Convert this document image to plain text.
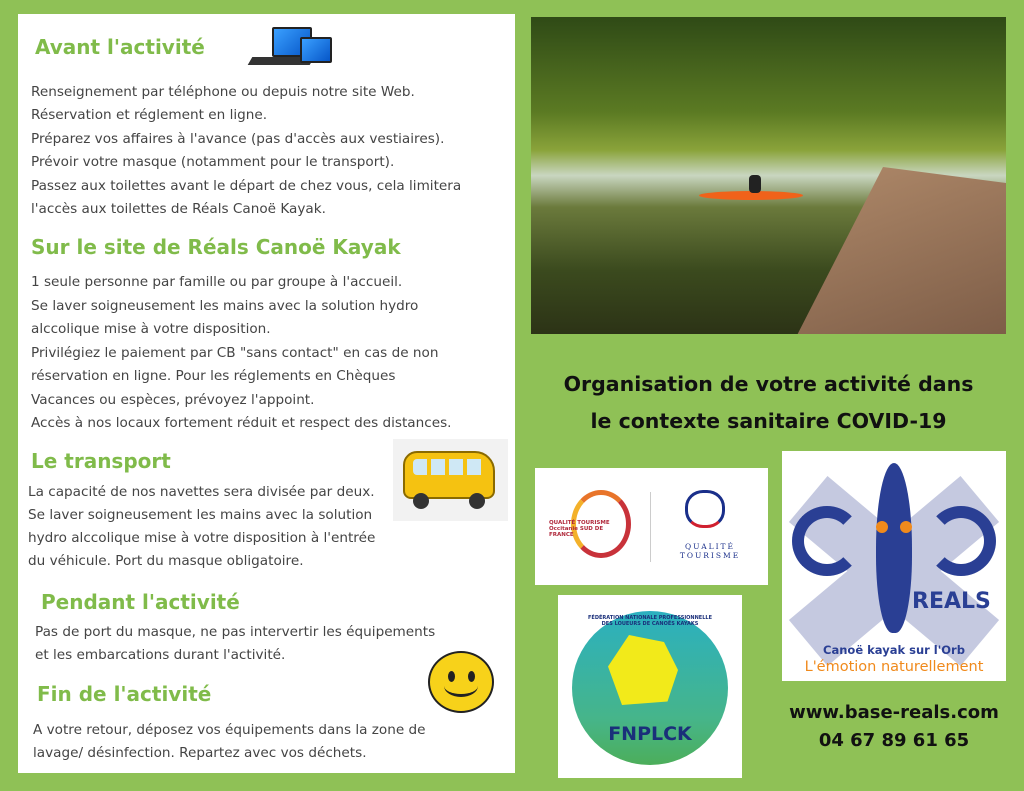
Avant l'activité
Renseignement par téléphone ou depuis notre site Web.
Réservation et réglement en ligne.
Préparez vos affaires à l'avance (pas d'accès aux vestiaires).
Prévoir votre masque (notamment pour le transport).
Passez aux toilettes avant le départ de chez vous, cela limitera
l'accès aux toilettes de Réals Canoë Kayak.
Sur le site de Réals Canoë Kayak
1 seule personne par famille ou par groupe à l'accueil.
Se laver soigneusement les mains avec la solution hydro
alccolique mise à votre disposition.
Privilégiez le paiement par CB "sans contact" en cas de non
réservation en ligne. Pour les réglements en Chèques
Vacances ou espèces, prévoyez l'appoint.
Accès à nos locaux fortement réduit et respect des distances.
Le transport
La capacité de nos navettes sera divisée par deux.
Se laver soigneusement les mains avec la solution
hydro alccolique mise à votre disposition à l'entrée
du véhicule. Port du masque obligatoire.
Pendant l'activité
Pas de port du masque, ne pas intervertir les équipements
et les embarcations durant l'activité.
Fin de l'activité
A votre retour, déposez vos équipements dans la zone de
lavage/ désinfection. Repartez avec vos déchets.
Organisation de votre activité dans
le contexte sanitaire COVID-19
QUALITÉ TOURISME Occitanie SUD DE FRANCE
QUALITÉ TOURISME
FÉDÉRATION NATIONALE PROFESSIONNELLE DES LOUEURS DE CANOËS KAYAKS
FNPLCK
REALS
Canoë kayak sur l'Orb
L'émotion naturellement
www.base-reals.com
04 67 89 61 65
